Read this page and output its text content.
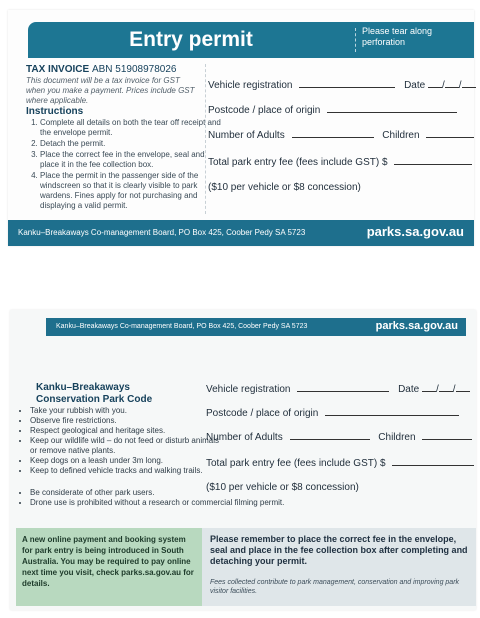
Entry permit	Please tear along perforation
TAX INVOICE ABN 51908978026
This document will be a tax invoice for GST when you make a payment. Prices include GST where applicable.
Instructions
1. Complete all details on both the tear off receipt and the envelope permit.
2. Detach the permit.
3. Place the correct fee in the envelope, seal and place it in the fee collection box.
4. Place the permit in the passenger side of the windscreen so that it is clearly visible to park wardens. Fines apply for not purchasing and displaying a valid permit.
Vehicle registration	Date / /
Postcode / place of origin
Number of Adults	Children
Total park entry fee (fees include GST) $
($10 per vehicle or $8 concession)
Kanku–Breakaways Co-management Board, PO Box 425, Coober Pedy SA 5723	parks.sa.gov.au
Kanku–Breakaways Co-management Board, PO Box 425, Coober Pedy SA 5723	parks.sa.gov.au
Kanku–Breakaways
Conservation Park Code
• Take your rubbish with you.
• Observe fire restrictions.
• Respect geological and heritage sites.
• Keep our wildlife wild – do not feed or disturb animals or remove native plants.
• Keep dogs on a leash under 3m long.
• Keep to defined vehicle tracks and walking trails.
• Be considerate of other park users.
• Drone use is prohibited without a research or commercial filming permit.
Vehicle registration	Date / /
Postcode / place of origin
Number of Adults	Children
Total park entry fee (fees include GST) $
($10 per vehicle or $8 concession)
A new online payment and booking system for park entry is being introduced in South Australia. You may be required to pay online next time you visit, check parks.sa.gov.au for details.
Please remember to place the correct fee in the envelope, seal and place in the fee collection box after completing and detaching your permit.
Fees collected contribute to park management, conservation and improving park visitor facilities.
